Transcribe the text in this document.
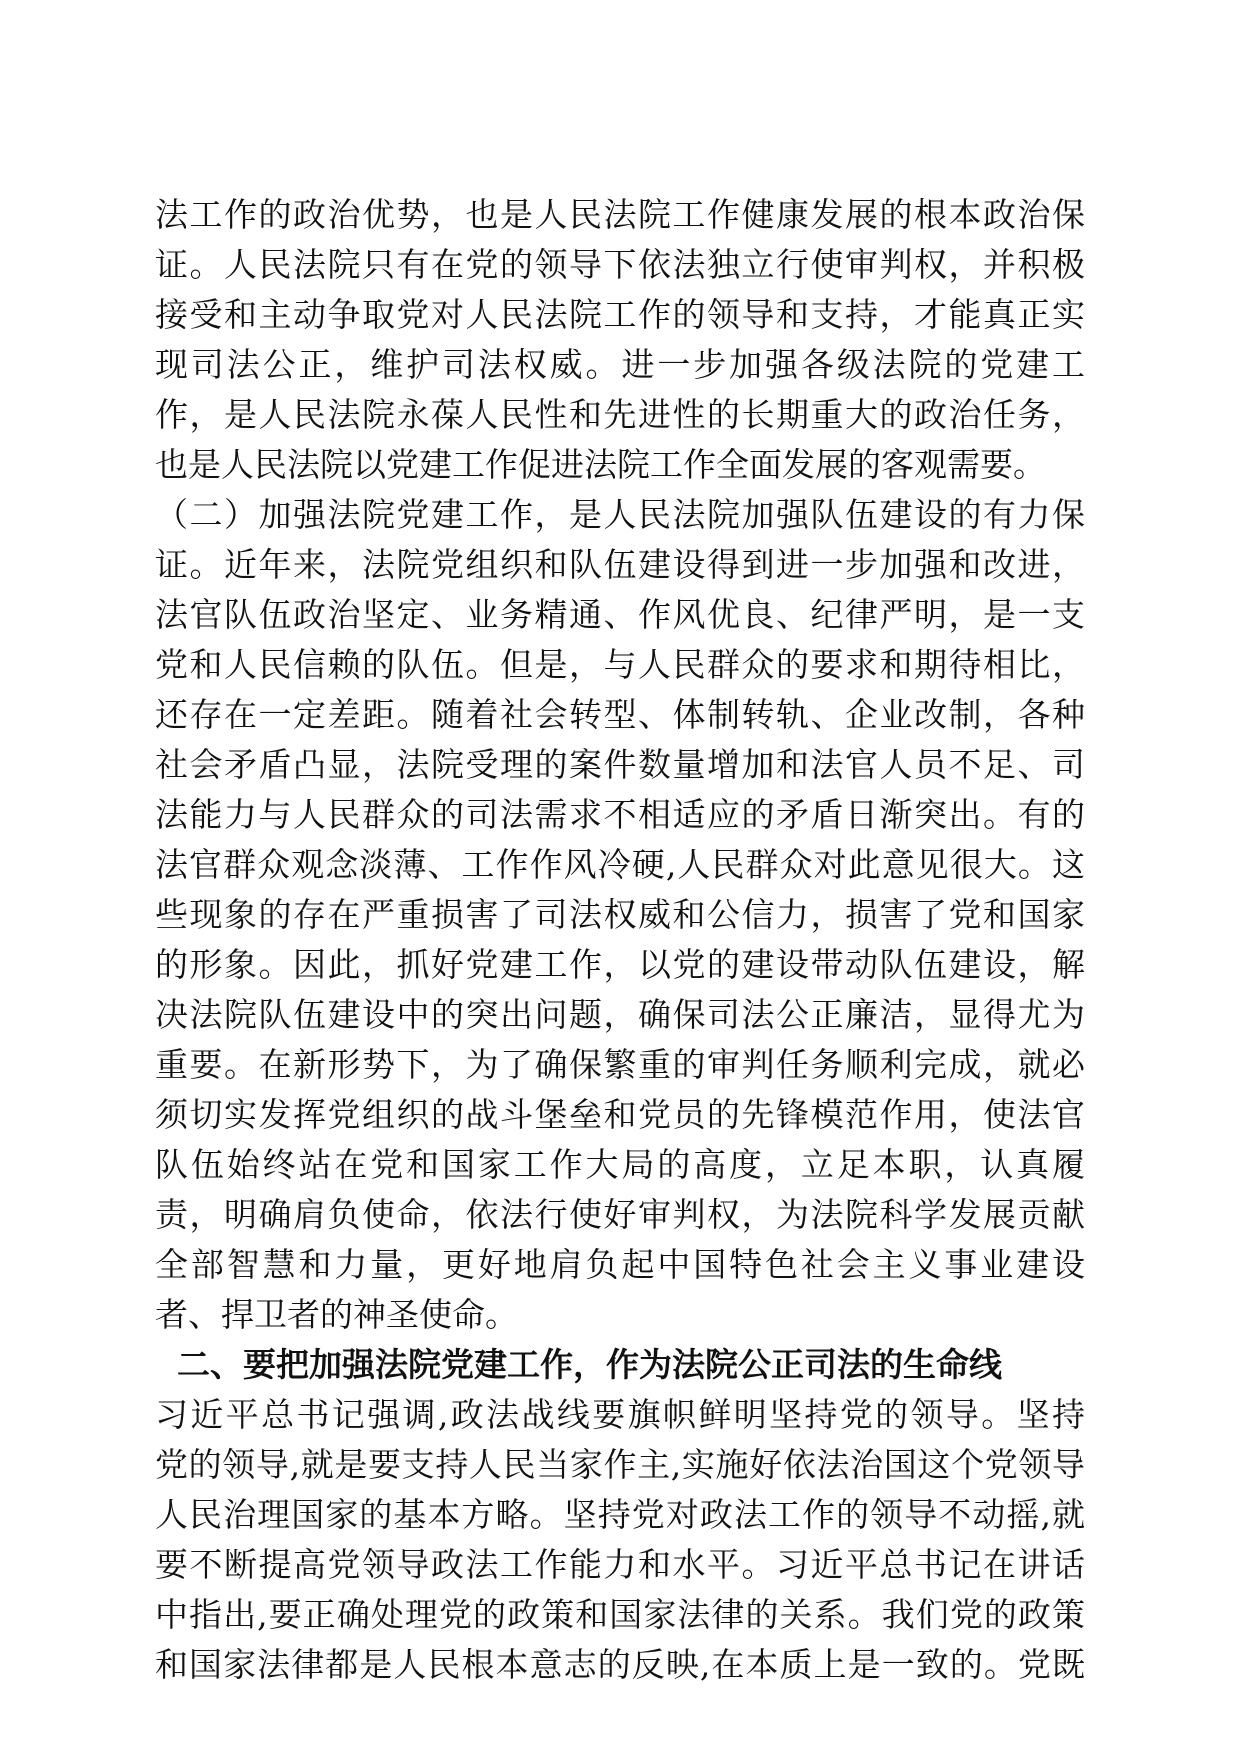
法工作的政治优势，也是人民法院工作健康发展的根本政治保
证。人民法院只有在党的领导下依法独立行使审判权，并积极
接受和主动争取党对人民法院工作的领导和支持，才能真正实
现司法公正，维护司法权威。进一步加强各级法院的党建工
作，是人民法院永葆人民性和先进性的长期重大的政治任务，
也是人民法院以党建工作促进法院工作全面发展的客观需要。
（二）加强法院党建工作，是人民法院加强队伍建设的有力保
证。近年来，法院党组织和队伍建设得到进一步加强和改进，
法官队伍政治坚定、业务精通、作风优良、纪律严明，是一支
党和人民信赖的队伍。但是，与人民群众的要求和期待相比，
还存在一定差距。随着社会转型、体制转轨、企业改制，各种
社会矛盾凸显，法院受理的案件数量增加和法官人员不足、司
法能力与人民群众的司法需求不相适应的矛盾日渐突出。有的
法官群众观念淡薄、工作作风冷硬,人民群众对此意见很大。这
些现象的存在严重损害了司法权威和公信力，损害了党和国家
的形象。因此，抓好党建工作，以党的建设带动队伍建设，解
决法院队伍建设中的突出问题，确保司法公正廉洁，显得尤为
重要。在新形势下，为了确保繁重的审判任务顺利完成，就必
须切实发挥党组织的战斗堡垒和党员的先锋模范作用，使法官
队伍始终站在党和国家工作大局的高度，立足本职，认真履
责，明确肩负使命，依法行使好审判权，为法院科学发展贡献
全部智慧和力量，更好地肩负起中国特色社会主义事业建设
者、捍卫者的神圣使命。
二、要把加强法院党建工作，作为法院公正司法的生命线
习近平总书记强调,政法战线要旗帜鲜明坚持党的领导。坚持
党的领导,就是要支持人民当家作主,实施好依法治国这个党领导
人民治理国家的基本方略。坚持党对政法工作的领导不动摇,就
要不断提高党领导政法工作能力和水平。习近平总书记在讲话
中指出,要正确处理党的政策和国家法律的关系。我们党的政策
和国家法律都是人民根本意志的反映,在本质上是一致的。党既
